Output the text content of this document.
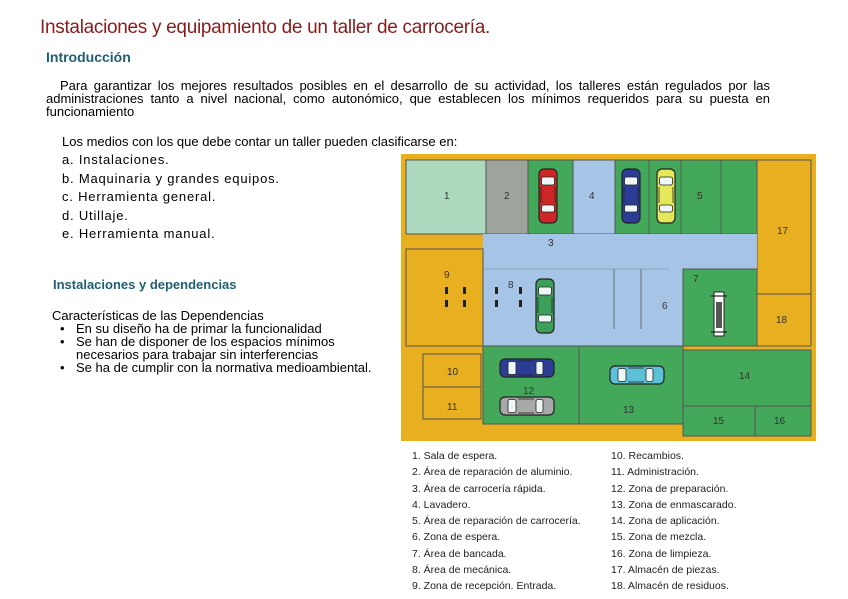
Instalaciones y equipamiento de un taller de carrocería.
Introducción
Para garantizar los mejores resultados posibles en el desarrollo de su actividad, los talleres están regulados por las administraciones tanto a nivel nacional, como autonómico, que establecen los mínimos requeridos para su puesta en funcionamiento
Los medios con los que debe contar un taller pueden clasificarse en:
a. Instalaciones.
b. Maquinaria y grandes equipos.
c. Herramienta general.
d. Utillaje.
e. Herramienta manual.
Instalaciones y dependencias
Características de las Dependencias
• En su diseño ha de primar la funcionalidad
• Se han de disponer de los espacios mínimos necesarios para trabajar sin interferencias
• Se ha de cumplir con la normativa medioambiental.
1	2
3
4	5
6
7
8
9
10
11
12
13
14
15	16
17
18
1. Sala de espera.
2. Área de reparación de aluminio.
3. Área de carrocería rápida.
4. Lavadero.
5. Área de reparación de carrocería.
6. Zona de espera.
7. Área de bancada.
8. Área de mecánica.
9. Zona de recepción. Entrada.
10. Recambios.
11. Administración.
12. Zona de preparación.
13. Zona de enmascarado.
14. Zona de aplicación.
15. Zona de mezcla.
16. Zona de limpieza.
17. Almacén de piezas.
18. Almacén de residuos.
